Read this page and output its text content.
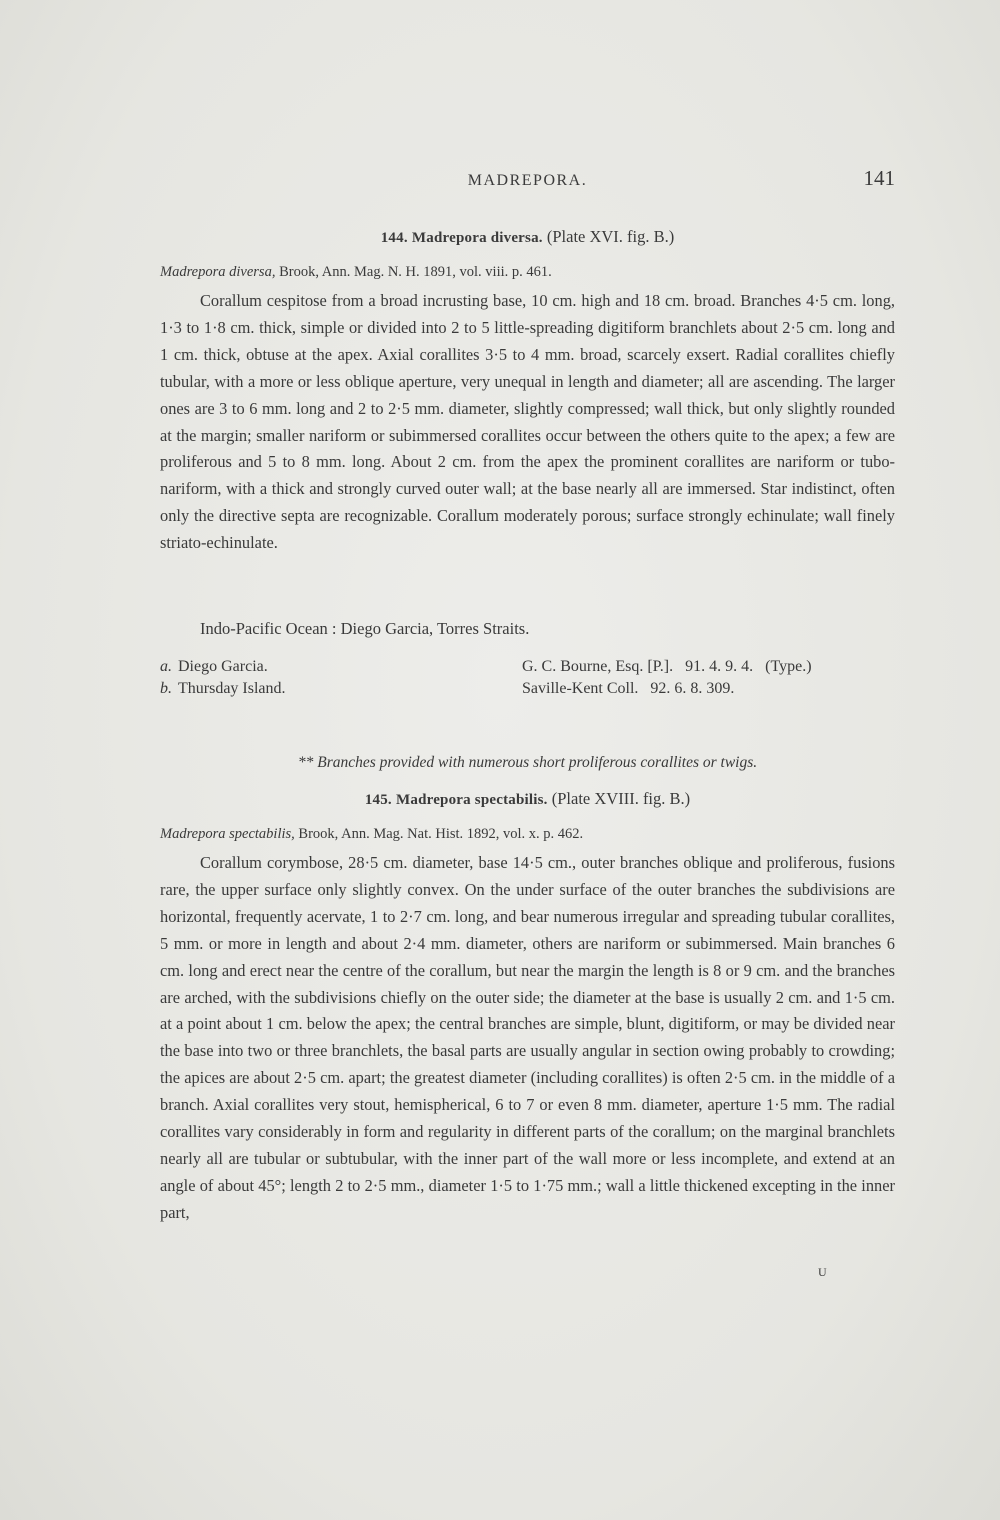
MADREPORA.	141
144. Madrepora diversa. (Plate XVI. fig. B.)
Madrepora diversa, Brook, Ann. Mag. N. H. 1891, vol. viii. p. 461.

Corallum cespitose from a broad incrusting base, 10 cm. high and 18 cm. broad. Branches 4·5 cm. long, 1·3 to 1·8 cm. thick, simple or divided into 2 to 5 little-spreading digitiform branchlets about 2·5 cm. long and 1 cm. thick, obtuse at the apex. Axial corallites 3·5 to 4 mm. broad, scarcely exsert. Radial corallites chiefly tubular, with a more or less oblique aperture, very unequal in length and diameter; all are ascending. The larger ones are 3 to 6 mm. long and 2 to 2·5 mm. diameter, slightly compressed; wall thick, but only slightly rounded at the margin; smaller nariform or subimmersed corallites occur between the others quite to the apex; a few are proliferous and 5 to 8 mm. long. About 2 cm. from the apex the prominent corallites are nariform or tubo-nariform, with a thick and strongly curved outer wall; at the base nearly all are immersed. Star indistinct, often only the directive septa are recognizable. Corallum moderately porous; surface strongly echinulate; wall finely striato-echinulate.

Indo-Pacific Ocean : Diego Garcia, Torres Straits.
a. Diego Garcia.	G. C. Bourne, Esq. [P.].   91. 4. 9. 4.   (Type.)
b. Thursday Island.	Saville-Kent Coll.   92. 6. 8. 309.
** Branches provided with numerous short proliferous corallites or twigs.
145. Madrepora spectabilis. (Plate XVIII. fig. B.)
Madrepora spectabilis, Brook, Ann. Mag. Nat. Hist. 1892, vol. x. p. 462.

Corallum corymbose, 28·5 cm. diameter, base 14·5 cm., outer branches oblique and proliferous, fusions rare, the upper surface only slightly convex. On the under surface of the outer branches the subdivisions are horizontal, frequently acervate, 1 to 2·7 cm. long, and bear numerous irregular and spreading tubular corallites, 5 mm. or more in length and about 2·4 mm. diameter, others are nariform or subimmersed. Main branches 6 cm. long and erect near the centre of the corallum, but near the margin the length is 8 or 9 cm. and the branches are arched, with the subdivisions chiefly on the outer side; the diameter at the base is usually 2 cm. and 1·5 cm. at a point about 1 cm. below the apex; the central branches are simple, blunt, digitiform, or may be divided near the base into two or three branchlets, the basal parts are usually angular in section owing probably to crowding; the apices are about 2·5 cm. apart; the greatest diameter (including corallites) is often 2·5 cm. in the middle of a branch. Axial corallites very stout, hemispherical, 6 to 7 or even 8 mm. diameter, aperture 1·5 mm. The radial corallites vary considerably in form and regularity in different parts of the corallum; on the marginal branchlets nearly all are tubular or subtubular, with the inner part of the wall more or less incomplete, and extend at an angle of about 45°; length 2 to 2·5 mm., diameter 1·5 to 1·75 mm.; wall a little thickened excepting in the inner part,

U
